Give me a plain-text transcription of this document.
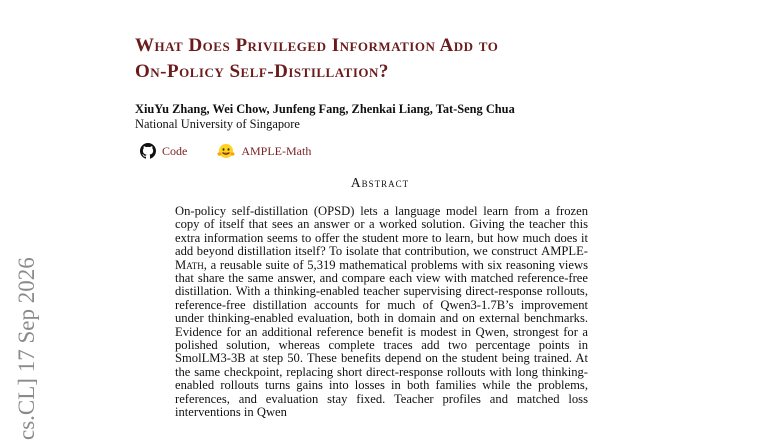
What Does Privileged Information Add to
On-Policy Self-Distillation?
XiuYu Zhang, Wei Chow, Junfeng Fang, Zhenkai Liang, Tat-Seng Chua
National University of Singapore
Code	AMPLE-Math
Abstract
On-policy self-distillation (OPSD) lets a language model learn from a frozen copy of itself that sees an answer or a worked solution. Giving the teacher this extra information seems to offer the student more to learn, but how much does it add beyond distillation itself? To isolate that contribution, we construct AMPLE-Math, a reusable suite of 5,319 mathematical problems with six reasoning views that share the same answer, and compare each view with matched reference-free distillation. With a thinking-enabled teacher supervising direct-response rollouts, reference-free distillation accounts for much of Qwen3-1.7B’s improvement under thinking-enabled evaluation, both in domain and on external benchmarks. Evidence for an additional reference benefit is modest in Qwen, strongest for a polished solution, whereas complete traces add two percentage points in SmolLM3-3B at step 50. These benefits depend on the student being trained. At the same checkpoint, replacing short direct-response rollouts with long thinking-enabled rollouts turns gains into losses in both families while the problems, references, and evaluation stay fixed. Teacher profiles and matched loss interventions in Qwen
cs.CL] 17 Sep 2026
